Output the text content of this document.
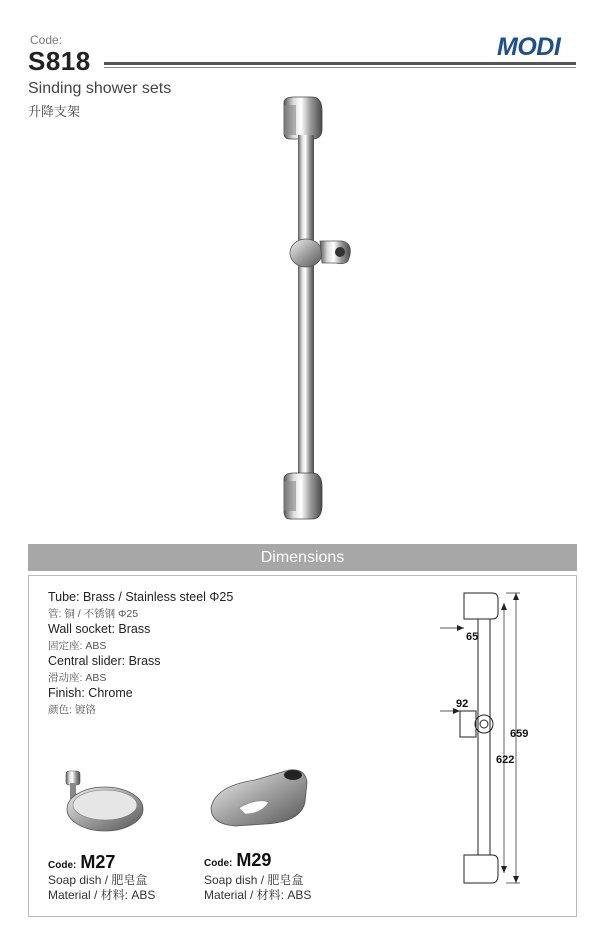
Code:
S818	MODI
Sinding shower sets
升降支架
Dimensions
Tube: Brass / Stainless steel Φ25
管: 铜 / 不锈钢 Φ25
Wall socket: Brass
固定座: ABS
Central slider: Brass
滑动座: ABS
Finish: Chrome
颜色: 镀铬
65
92
659
622
Code: M27
Soap dish / 肥皂盒
Material / 材料: ABS
Code: M29
Soap dish / 肥皂盒
Material / 材料: ABS
